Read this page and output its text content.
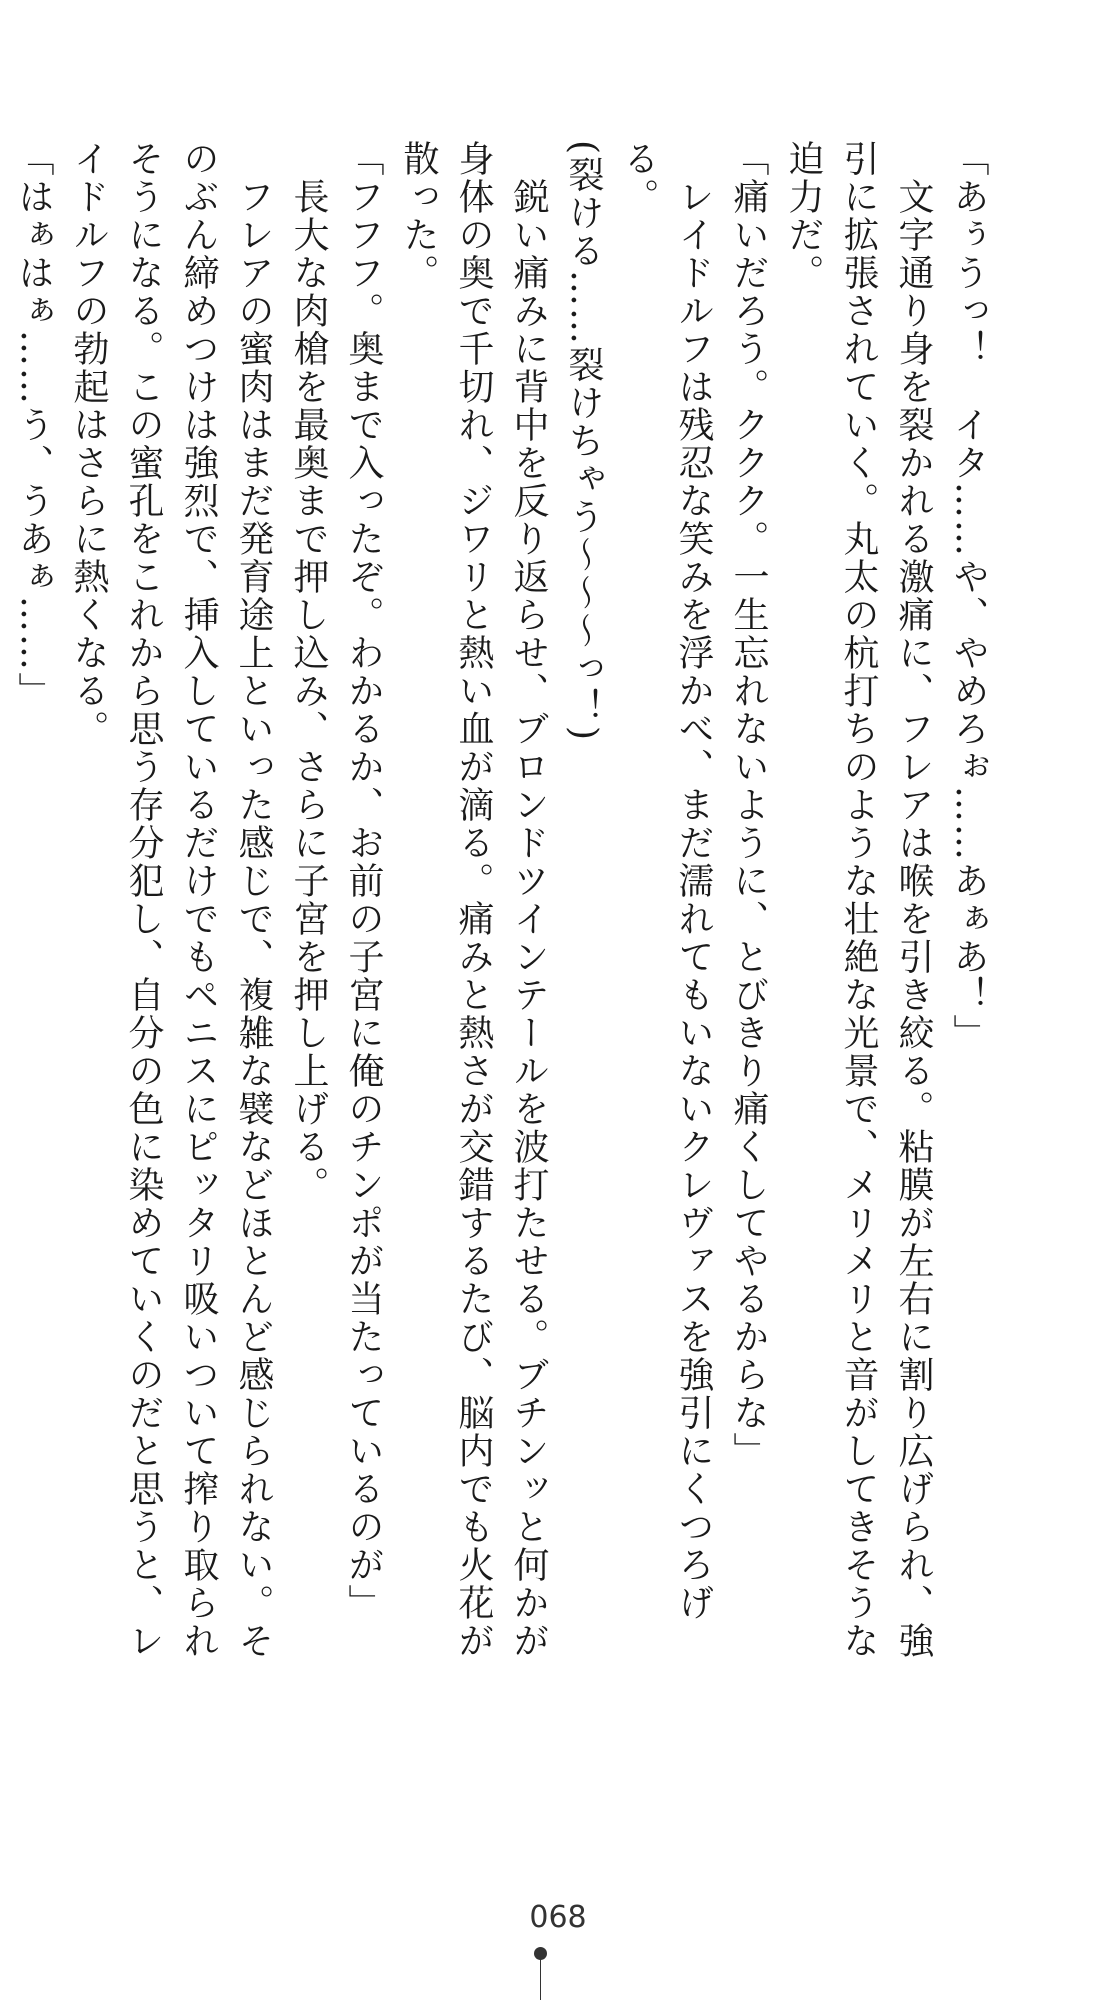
「あぅうっ！　イタ……や、やめろぉ……あぁあ！」

　文字通り身を裂かれる激痛に、フレアは喉を引き絞る。粘膜が左右に割り広げられ、強引に拡張されていく。丸太の杭打ちのような壮絶な光景で、メリメリと音がしてきそうな迫力だ。

「痛いだろう。ククク。一生忘れないように、とびきり痛くしてやるからな」

　レイドルフは残忍な笑みを浮かべ、まだ濡れてもいないクレヴァスを強引にくつろげる。

(裂ける……裂けちゃう～～～っ！)

　鋭い痛みに背中を反り返らせ、ブロンドツインテールを波打たせる。ブチンッと何かが身体の奥で千切れ、ジワリと熱い血が滴る。痛みと熱さが交錯するたび、脳内でも火花が散った。

「フフフ。奥まで入ったぞ。わかるか、お前の子宮に俺のチンポが当たっているのが」

　長大な肉槍を最奥まで押し込み、さらに子宮を押し上げる。

　フレアの蜜肉はまだ発育途上といった感じで、複雑な襞などほとんど感じられない。そのぶん締めつけは強烈で、挿入しているだけでもペニスにピッタリ吸いついて搾り取られそうになる。この蜜孔をこれから思う存分犯し、自分の色に染めていくのだと思うと、レイドルフの勃起はさらに熱くなる。

「はぁはぁ……う、うあぁ……」

068
